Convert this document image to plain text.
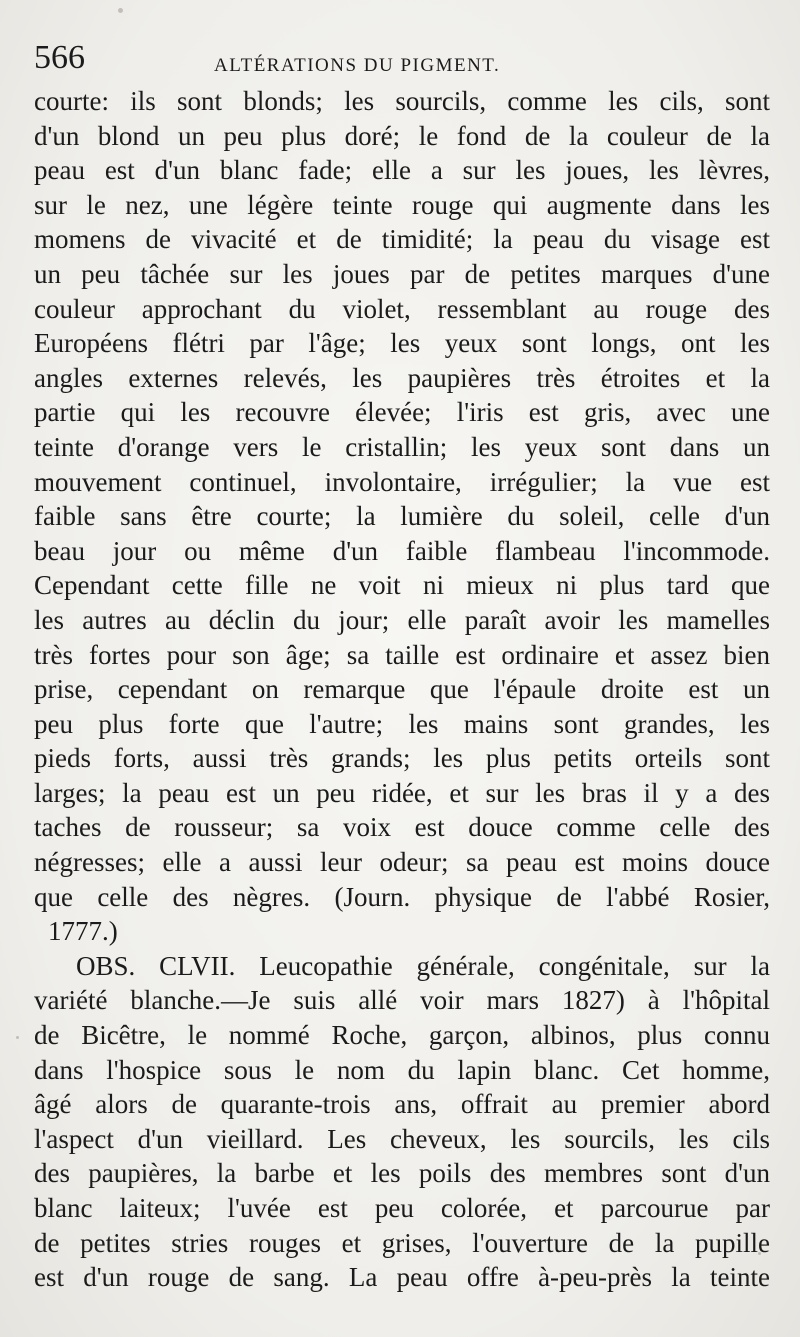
566	ALTÉRATIONS DU PIGMENT.
courte: ils sont blonds; les sourcils, comme les cils, sont
d'un blond un peu plus doré; le fond de la couleur de la
peau est d'un blanc fade; elle a sur les joues, les lèvres,
sur le nez, une légère teinte rouge qui augmente dans les
momens de vivacité et de timidité; la peau du visage est
un peu tâchée sur les joues par de petites marques d'une
couleur approchant du violet, ressemblant au rouge des
Européens flétri par l'âge; les yeux sont longs, ont les
angles externes relevés, les paupières très étroites et la
partie qui les recouvre élevée; l'iris est gris, avec une
teinte d'orange vers le cristallin; les yeux sont dans un
mouvement continuel, involontaire, irrégulier; la vue est
faible sans être courte; la lumière du soleil, celle d'un
beau jour ou même d'un faible flambeau l'incommode.
Cependant cette fille ne voit ni mieux ni plus tard que
les autres au déclin du jour; elle paraît avoir les mamelles
très fortes pour son âge; sa taille est ordinaire et assez bien
prise, cependant on remarque que l'épaule droite est un
peu plus forte que l'autre; les mains sont grandes, les
pieds forts, aussi très grands; les plus petits orteils sont
larges; la peau est un peu ridée, et sur les bras il y a des
taches de rousseur; sa voix est douce comme celle des
négresses; elle a aussi leur odeur; sa peau est moins douce
que celle des nègres. (Journ. physique de l'abbé Rosier,
1777.)
OBS. CLVII. Leucopathie générale, congénitale, sur la
variété blanche.—Je suis allé voir mars 1827) à l'hôpital
de Bicêtre, le nommé Roche, garçon, albinos, plus connu
dans l'hospice sous le nom du lapin blanc. Cet homme,
âgé alors de quarante-trois ans, offrait au premier abord
l'aspect d'un vieillard. Les cheveux, les sourcils, les cils
des paupières, la barbe et les poils des membres sont d'un
blanc laiteux; l'uvée est peu colorée, et parcourue par
de petites stries rouges et grises, l'ouverture de la pupille
est d'un rouge de sang. La peau offre à-peu-près la teinte
